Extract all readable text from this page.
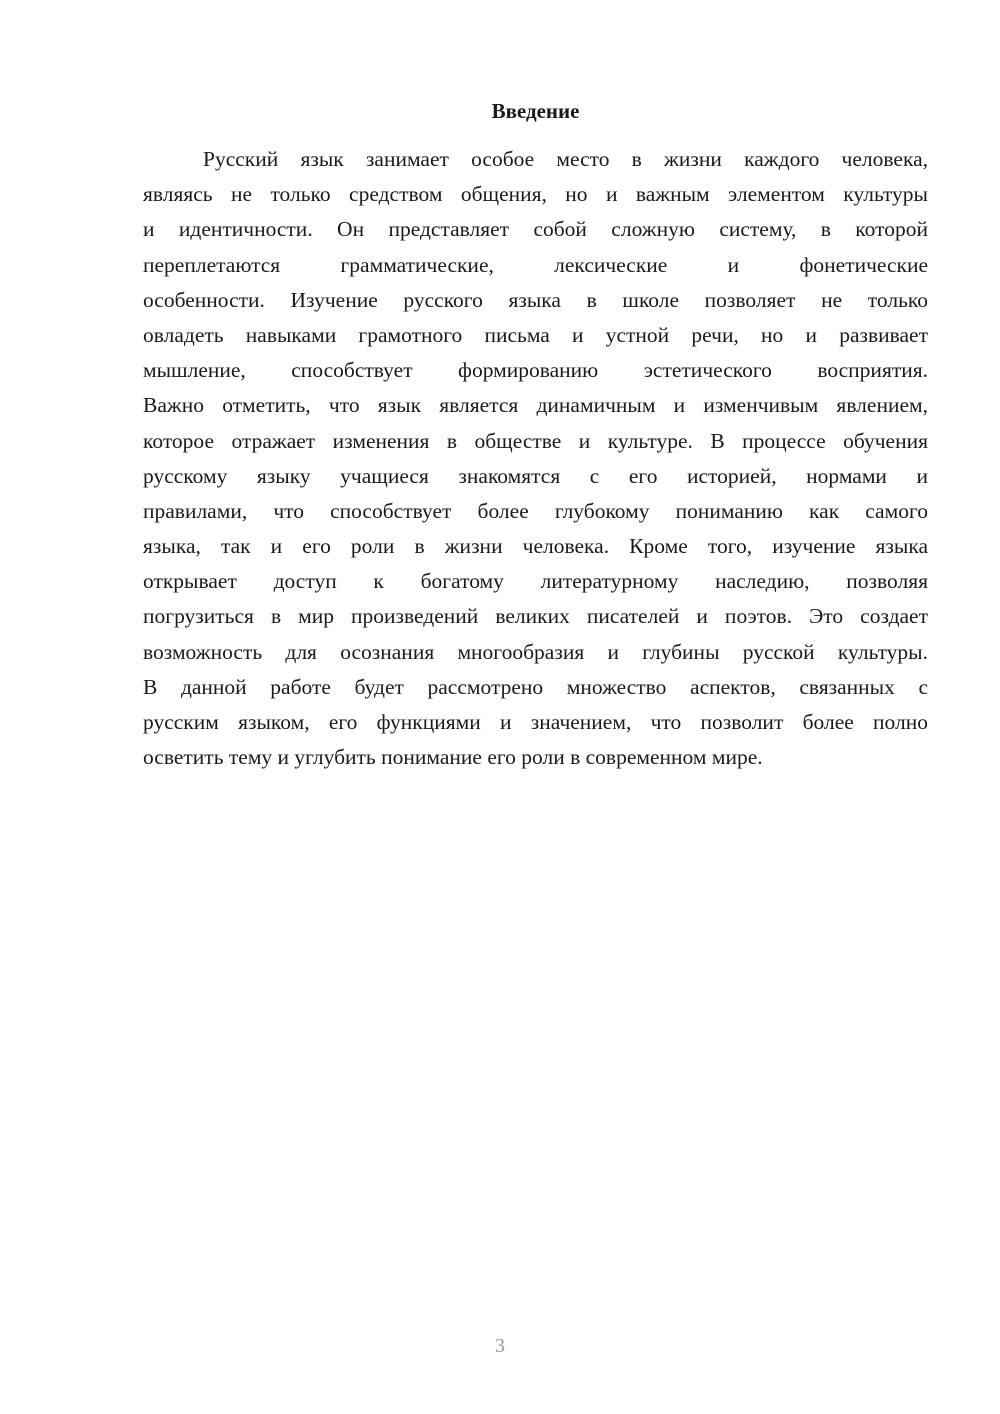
Введение
Русский язык занимает особое место в жизни каждого человека,
являясь не только средством общения, но и важным элементом культуры
и идентичности. Он представляет собой сложную систему, в которой
переплетаются грамматические, лексические и фонетические
особенности. Изучение русского языка в школе позволяет не только
овладеть навыками грамотного письма и устной речи, но и развивает
мышление, способствует формированию эстетического восприятия.
Важно отметить, что язык является динамичным и изменчивым явлением,
которое отражает изменения в обществе и культуре. В процессе обучения
русскому языку учащиеся знакомятся с его историей, нормами и
правилами, что способствует более глубокому пониманию как самого
языка, так и его роли в жизни человека. Кроме того, изучение языка
открывает доступ к богатому литературному наследию, позволяя
погрузиться в мир произведений великих писателей и поэтов. Это создает
возможность для осознания многообразия и глубины русской культуры.
В данной работе будет рассмотрено множество аспектов, связанных с
русским языком, его функциями и значением, что позволит более полно
осветить тему и углубить понимание его роли в современном мире.

3
